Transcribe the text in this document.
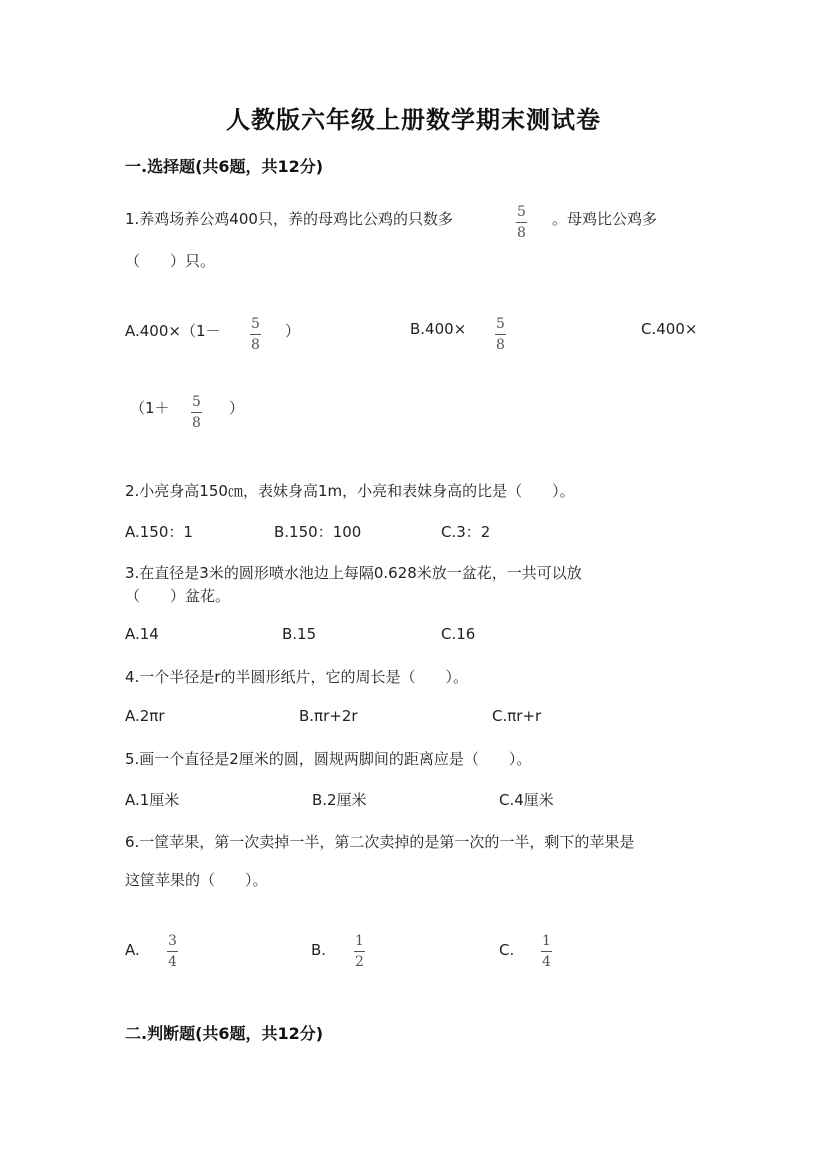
人教版六年级上册数学期末测试卷
一.选择题(共6题，共12分)
1.养鸡场养公鸡400只，养的母鸡比公鸡的只数多	5
8
。母鸡比公鸡多
（　　）只。
A.400×（1－ 5
8
）	B.400× 5
8
C.400×
（1＋ 5
8
）
2.小亮身高150㎝，表妹身高1m，小亮和表妹身高的比是（　　）。
A.150：1	B.150：100	C.3：2
3.在直径是3米的圆形喷水池边上每隔0.628米放一盆花，一共可以放
（　　）盆花。
A.14	B.15	C.16
4.一个半径是r的半圆形纸片，它的周长是（　　）。
A.2πr	B.πr+2r	C.πr+r
5.画一个直径是2厘米的圆，圆规两脚间的距离应是（　　）。
A.1厘米	B.2厘米	C.4厘米
6.一筐苹果，第一次卖掉一半，第二次卖掉的是第一次的一半，剩下的苹果是
这筐苹果的（　　）。
A. 3
4
B. 1
2
C. 1
4
二.判断题(共6题，共12分)
